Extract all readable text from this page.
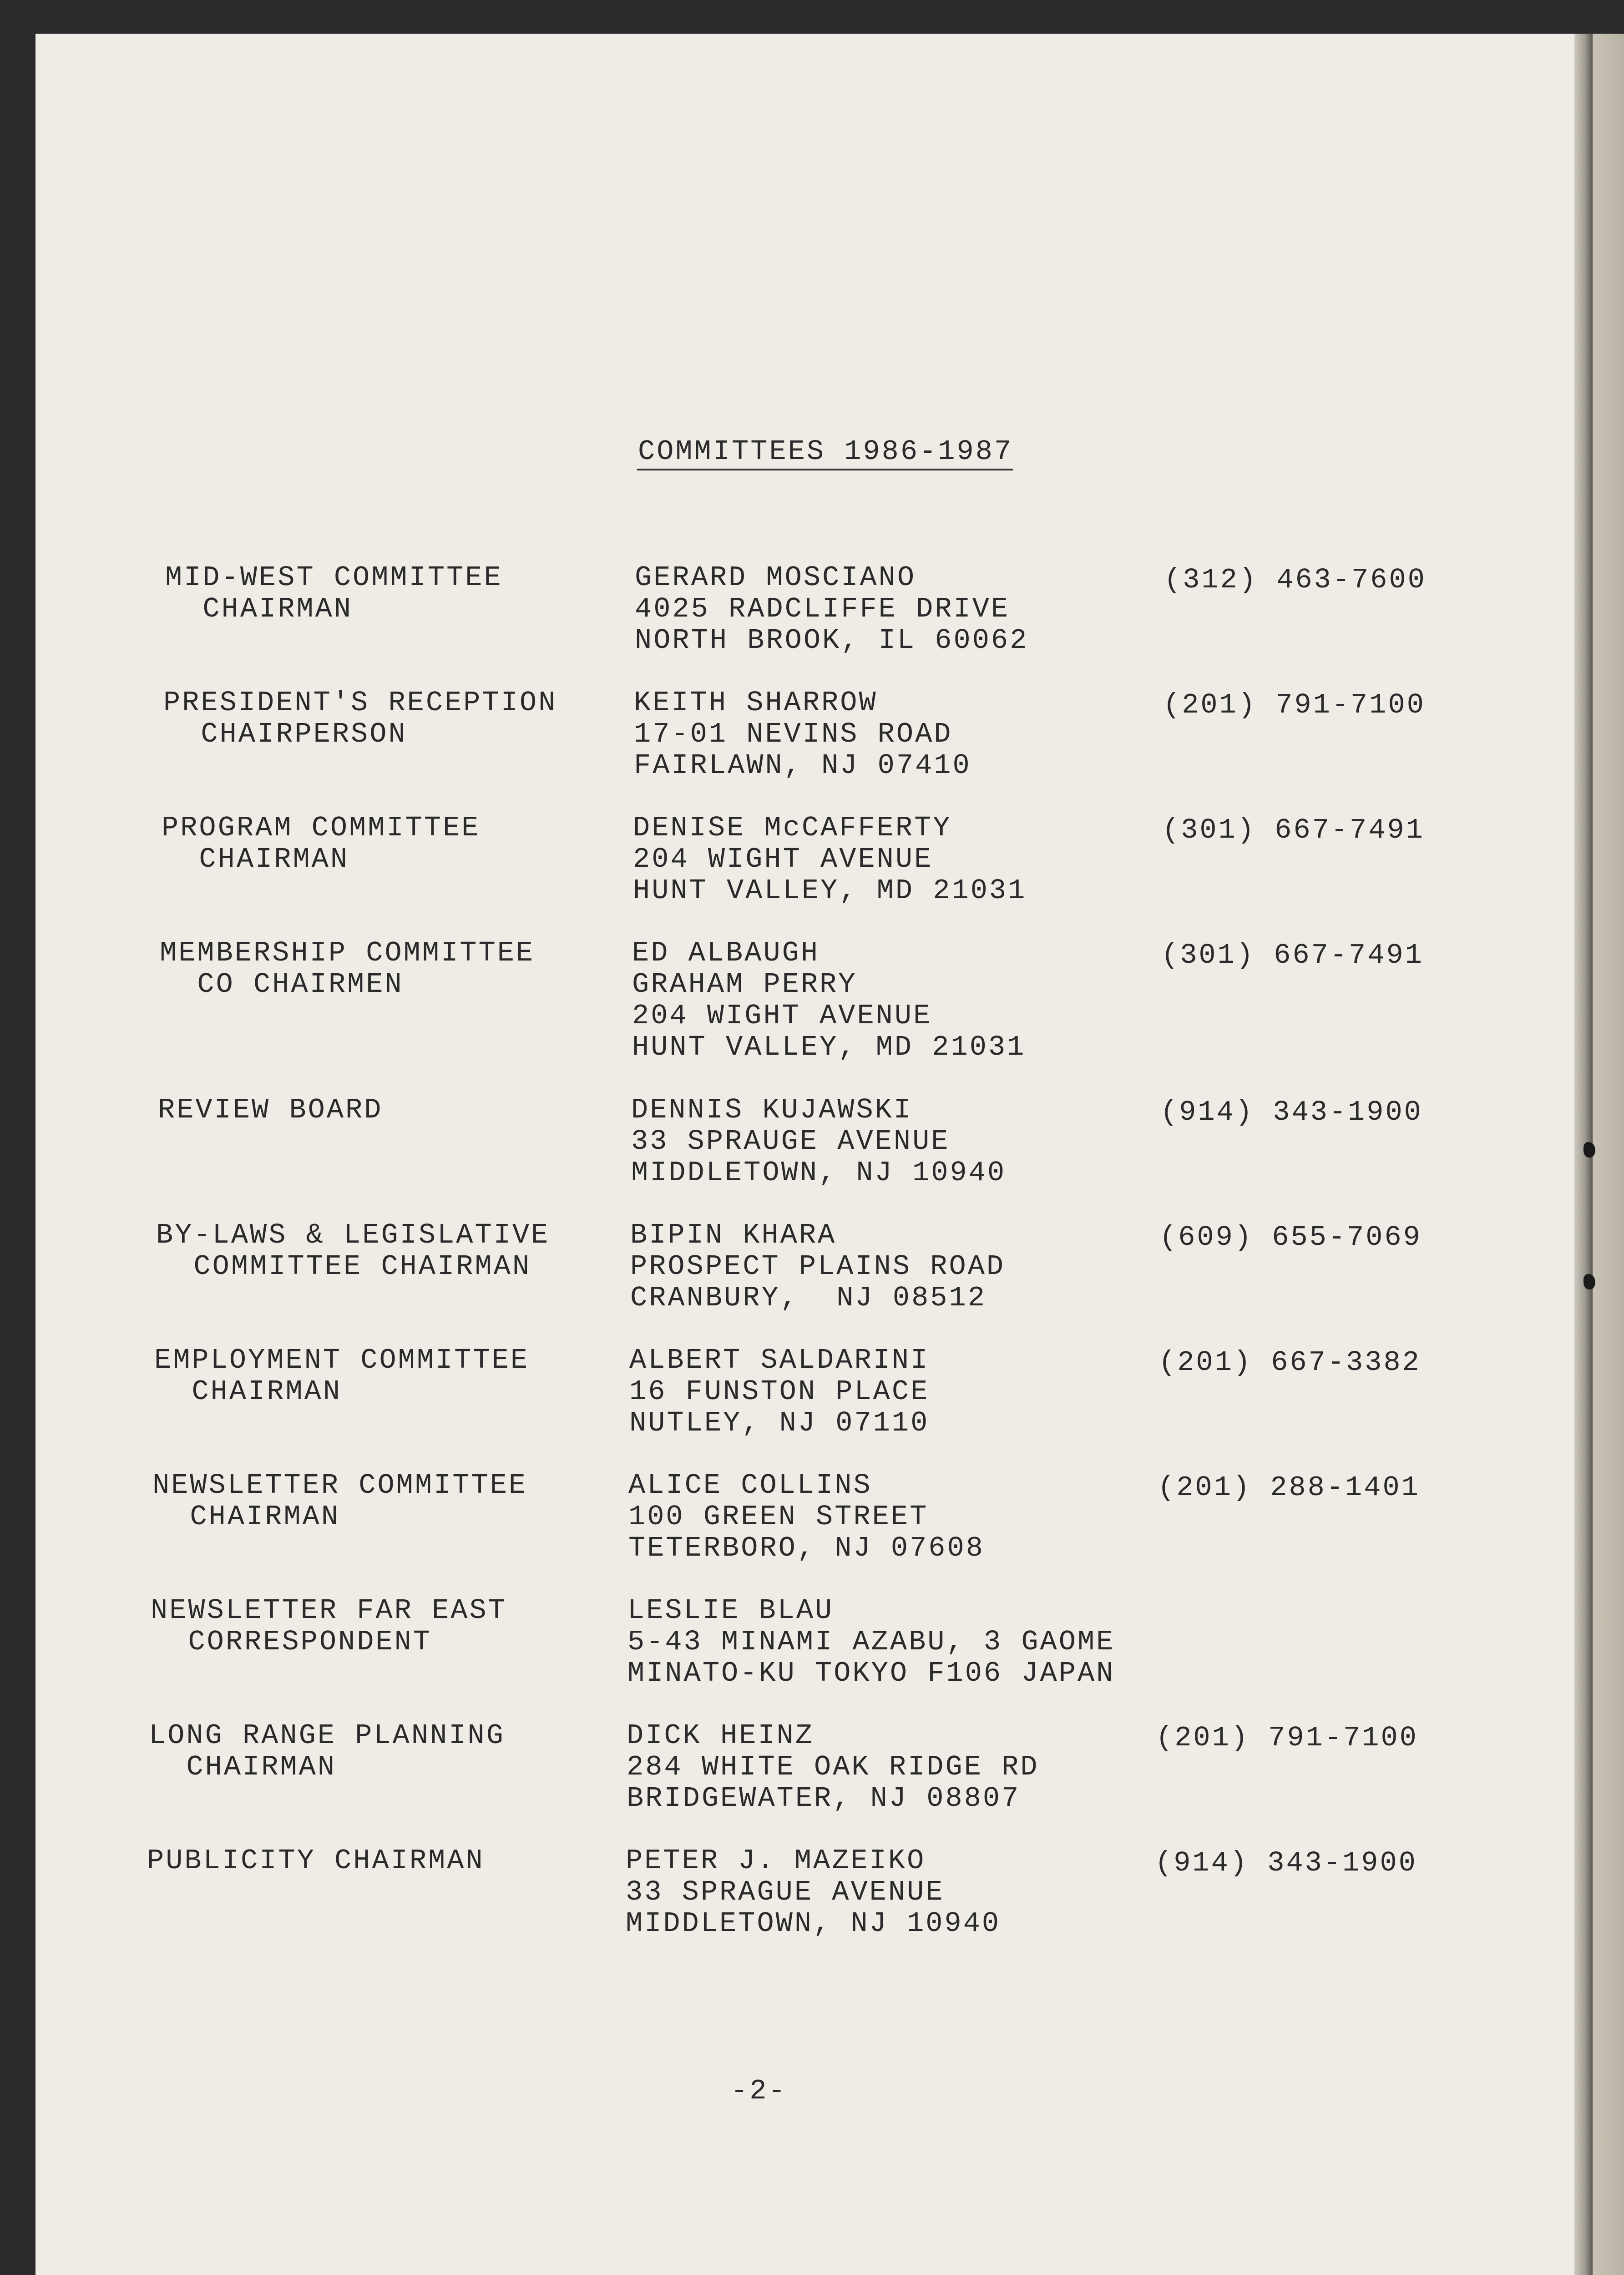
COMMITTEES 1986-1987
MID-WEST COMMITTEE
CHAIRMAN
GERARD MOSCIANO
4025 RADCLIFFE DRIVE
NORTH BROOK, IL 60062
(312) 463-7600
PRESIDENT'S RECEPTION
CHAIRPERSON
KEITH SHARROW
17-01 NEVINS ROAD
FAIRLAWN, NJ 07410
(201) 791-7100
PROGRAM COMMITTEE
CHAIRMAN
DENISE McCAFFERTY
204 WIGHT AVENUE
HUNT VALLEY, MD 21031
(301) 667-7491
MEMBERSHIP COMMITTEE
CO CHAIRMEN
ED ALBAUGH
GRAHAM PERRY
204 WIGHT AVENUE
HUNT VALLEY, MD 21031
(301) 667-7491
REVIEW BOARD	DENNIS KUJAWSKI
33 SPRAUGE AVENUE
MIDDLETOWN, NJ 10940
(914) 343-1900
BY-LAWS & LEGISLATIVE
COMMITTEE CHAIRMAN
BIPIN KHARA
PROSPECT PLAINS ROAD
CRANBURY,  NJ 08512
(609) 655-7069
EMPLOYMENT COMMITTEE
CHAIRMAN
ALBERT SALDARINI
16 FUNSTON PLACE
NUTLEY, NJ 07110
(201) 667-3382
NEWSLETTER COMMITTEE
CHAIRMAN
ALICE COLLINS
100 GREEN STREET
TETERBORO, NJ 07608
(201) 288-1401
NEWSLETTER FAR EAST
CORRESPONDENT
LESLIE BLAU
5-43 MINAMI AZABU, 3 GAOME
MINATO-KU TOKYO F106 JAPAN
LONG RANGE PLANNING
CHAIRMAN
DICK HEINZ
284 WHITE OAK RIDGE RD
BRIDGEWATER, NJ 08807
(201) 791-7100
PUBLICITY CHAIRMAN	PETER J. MAZEIKO
33 SPRAGUE AVENUE
MIDDLETOWN, NJ 10940
(914) 343-1900
-2-
